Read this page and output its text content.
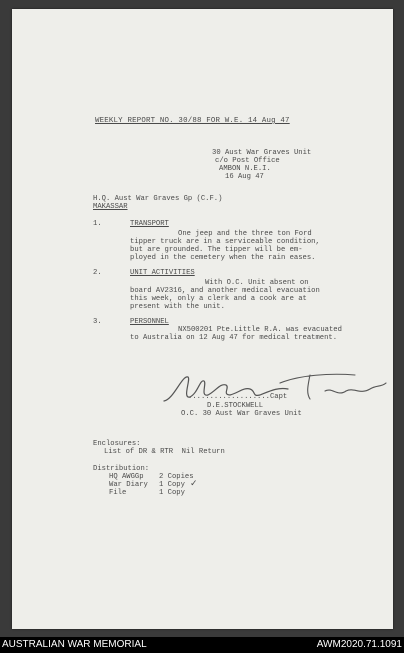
WEEKLY REPORT NO. 30/88 FOR W.E. 14 Aug 47
30 Aust War Graves Unit
c/o Post Office
AMBON N.E.I.
16 Aug 47
H.Q. Aust War Graves Gp (C.F.)
MAKASSAR
1.	TRANSPORT
One jeep and the three ton Ford
tipper truck are in a serviceable condition,
but are grounded. The tipper will be em-
ployed in the cemetery when the rain eases.
2.	UNIT ACTIVITIES
With O.C. Unit absent on
board AV2316, and another medical evacuation
this week, only a clerk and a cook are at
present with the unit.
3.	PERSONNEL
NX500201 Pte.Little R.A. was evacuated
to Australia on 12 Aug 47 for medical treatment.
...................Capt
D.E.STOCKWELL
O.C. 30 Aust War Graves Unit
Enclosures:
List of DR & RTR  Nil Return
Distribution:
HQ AWGGp 2 Copies
War Diary 1 Copy ✓
File	1 Copy
AUSTRALIAN WAR MEMORIAL	AWM2020.71.1091
